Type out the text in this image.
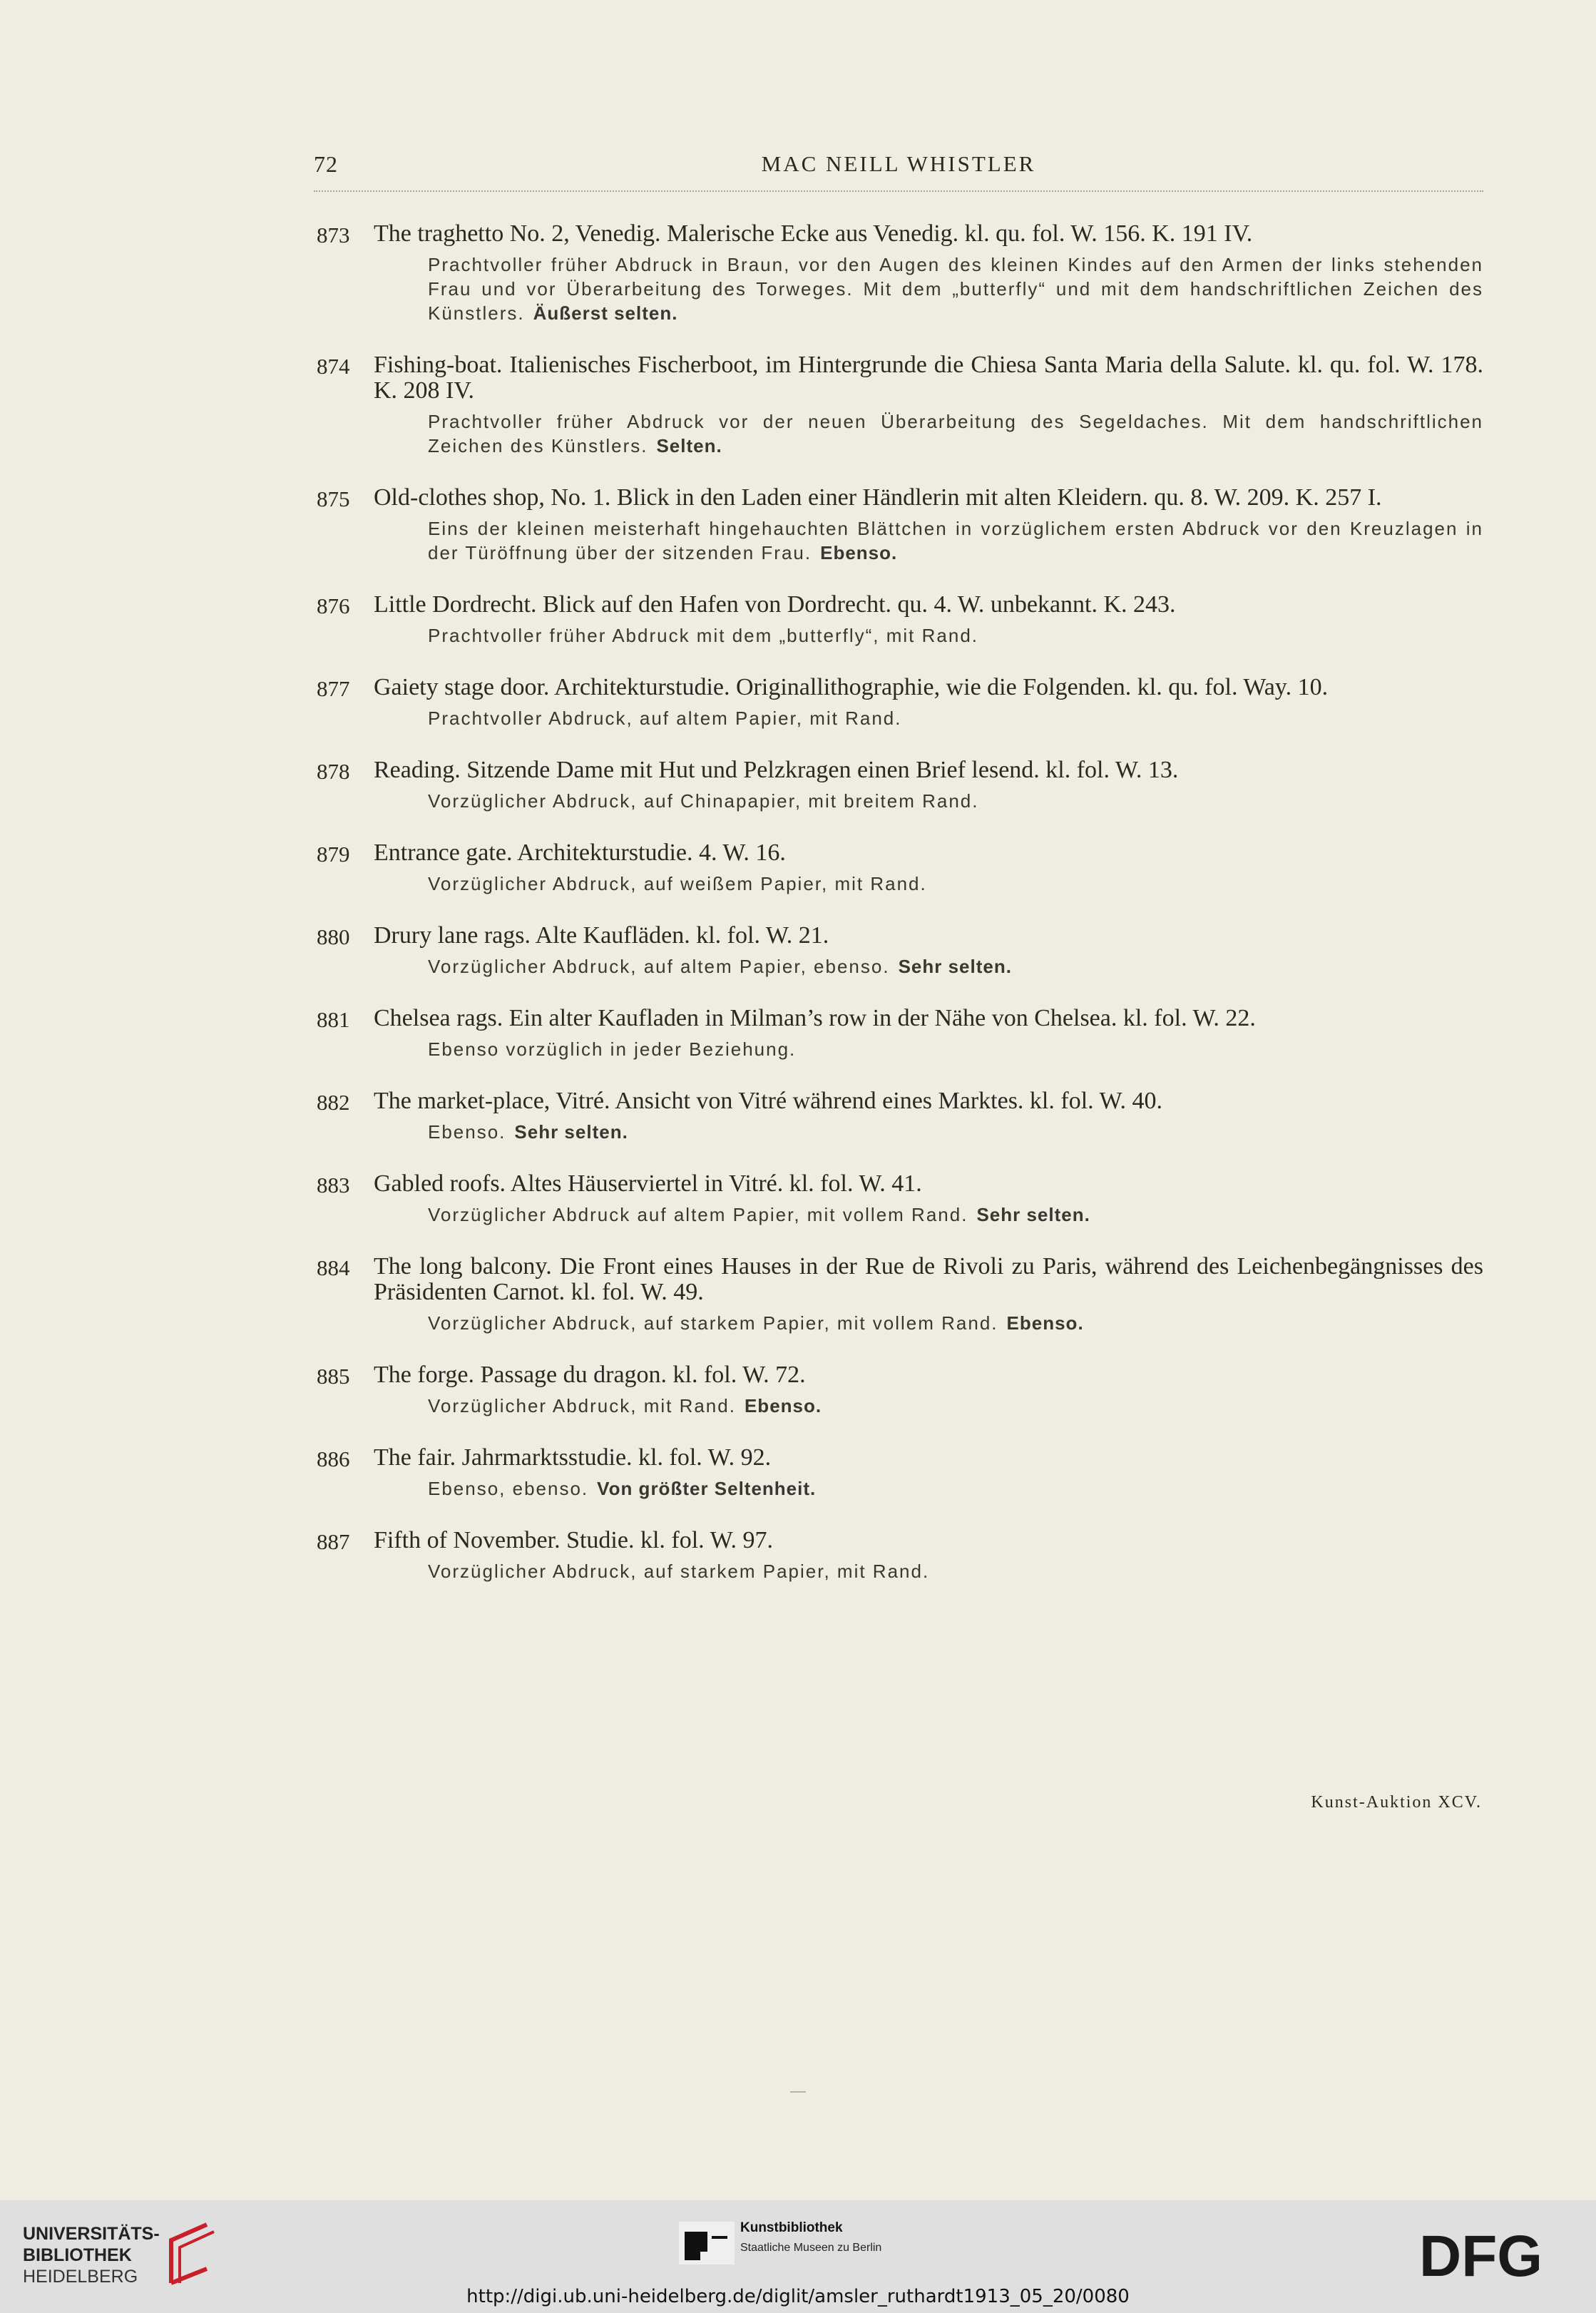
72	MAC NEILL WHISTLER
873 The traghetto No. 2, Venedig. Malerische Ecke aus Venedig. kl. qu. fol. W. 156. K. 191 IV.
Prachtvoller früher Abdruck in Braun, vor den Augen des kleinen Kindes auf den Armen der links stehenden Frau und vor Überarbeitung des Torweges. Mit dem „butterfly“ und mit dem handschriftlichen Zeichen des Künstlers. Äußerst selten.
874 Fishing-boat. Italienisches Fischerboot, im Hintergrunde die Chiesa Santa Maria della Salute. kl. qu. fol. W. 178. K. 208 IV.
Prachtvoller früher Abdruck vor der neuen Überarbeitung des Segeldaches. Mit dem handschriftlichen Zeichen des Künstlers. Selten.
875 Old-clothes shop, No. 1. Blick in den Laden einer Händlerin mit alten Kleidern. qu. 8. W. 209. K. 257 I.
Eins der kleinen meisterhaft hingehauchten Blättchen in vorzüglichem ersten Abdruck vor den Kreuzlagen in der Türöffnung über der sitzenden Frau. Ebenso.
876 Little Dordrecht. Blick auf den Hafen von Dordrecht. qu. 4. W. unbekannt. K. 243.
Prachtvoller früher Abdruck mit dem „butterfly“, mit Rand.
877 Gaiety stage door. Architekturstudie. Originallithographie, wie die Folgenden. kl. qu. fol. Way. 10.
Prachtvoller Abdruck, auf altem Papier, mit Rand.
878 Reading. Sitzende Dame mit Hut und Pelzkragen einen Brief lesend. kl. fol. W. 13.
Vorzüglicher Abdruck, auf Chinapapier, mit breitem Rand.
879 Entrance gate. Architekturstudie. 4. W. 16.
Vorzüglicher Abdruck, auf weißem Papier, mit Rand.
880 Drury lane rags. Alte Kaufläden. kl. fol. W. 21.
Vorzüglicher Abdruck, auf altem Papier, ebenso. Sehr selten.
881 Chelsea rags. Ein alter Kaufladen in Milman’s row in der Nähe von Chelsea. kl. fol. W. 22.
Ebenso vorzüglich in jeder Beziehung.
882 The market-place, Vitré. Ansicht von Vitré während eines Marktes. kl. fol. W. 40.
Ebenso. Sehr selten.
883 Gabled roofs. Altes Häuserviertel in Vitré. kl. fol. W. 41.
Vorzüglicher Abdruck auf altem Papier, mit vollem Rand. Sehr selten.
884 The long balcony. Die Front eines Hauses in der Rue de Rivoli zu Paris, während des Leichenbegängnisses des Präsidenten Carnot. kl. fol. W. 49.
Vorzüglicher Abdruck, auf starkem Papier, mit vollem Rand. Ebenso.
885 The forge. Passage du dragon. kl. fol. W. 72.
Vorzüglicher Abdruck, mit Rand. Ebenso.
886 The fair. Jahrmarktsstudie. kl. fol. W. 92.
Ebenso, ebenso. Von größter Seltenheit.
887 Fifth of November. Studie. kl. fol. W. 97.
Vorzüglicher Abdruck, auf starkem Papier, mit Rand.
Kunst-Auktion XCV.
UNIVERSITÄTS-
BIBLIOTHEK
HEIDELBERG
Kunstbibliothek
Staatliche Museen zu Berlin	DFG
http://digi.ub.uni-heidelberg.de/diglit/amsler_ruthardt1913_05_20/0080
